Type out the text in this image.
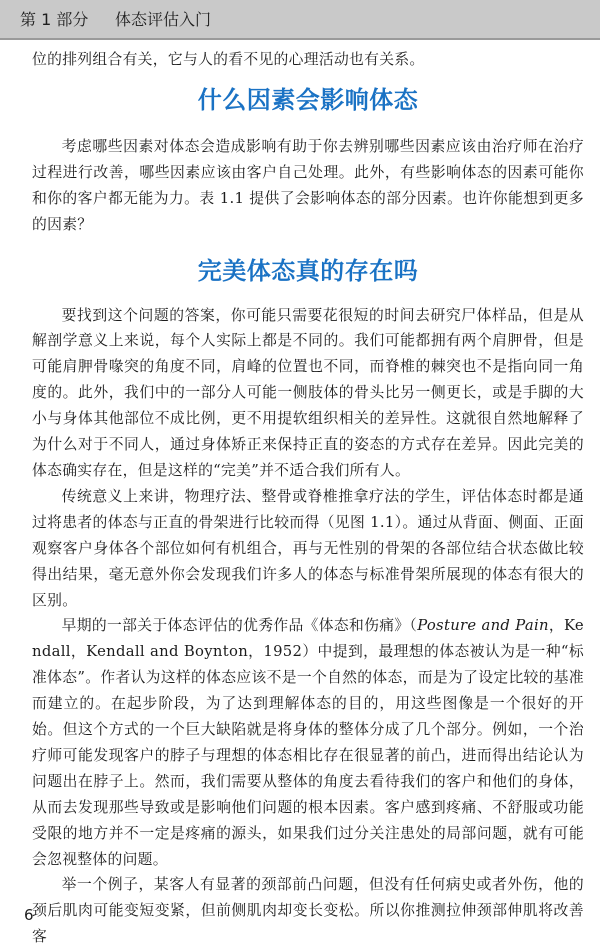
第 1 部分 体态评估入门

位的排列组合有关，它与人的看不见的心理活动也有关系。

什么因素会影响体态

考虑哪些因素对体态会造成影响有助于你去辨别哪些因素应该由治疗师在治疗过程进行改善，哪些因素应该由客户自己处理。此外，有些影响体态的因素可能你和你的客户都无能为力。表 1.1 提供了会影响体态的部分因素。也许你能想到更多的因素？

完美体态真的存在吗

要找到这个问题的答案，你可能只需要花很短的时间去研究尸体样品，但是从解剖学意义上来说，每个人实际上都是不同的。我们可能都拥有两个肩胛骨，但是可能肩胛骨喙突的角度不同，肩峰的位置也不同，而脊椎的棘突也不是指向同一角度的。此外，我们中的一部分人可能一侧肢体的骨头比另一侧更长，或是手脚的大小与身体其他部位不成比例，更不用提软组织相关的差异性。这就很自然地解释了为什么对于不同人，通过身体矫正来保持正直的姿态的方式存在差异。因此完美的体态确实存在，但是这样的“完美”并不适合我们所有人。

传统意义上来讲，物理疗法、整骨或脊椎推拿疗法的学生，评估体态时都是通过将患者的体态与正直的骨架进行比较而得（见图 1.1）。通过从背面、侧面、正面观察客户身体各个部位如何有机组合，再与无性别的骨架的各部位结合状态做比较得出结果，毫无意外你会发现我们许多人的体态与标准骨架所展现的体态有很大的区别。

早期的一部关于体态评估的优秀作品《体态和伤痛》（Posture and Pain，Kendall，Kendall and Boynton，1952）中提到，最理想的体态被认为是一种“标准体态”。作者认为这样的体态应该不是一个自然的体态，而是为了设定比较的基准而建立的。在起步阶段，为了达到理解体态的目的，用这些图像是一个很好的开始。但这个方式的一个巨大缺陷就是将身体的整体分成了几个部分。例如，一个治疗师可能发现客户的脖子与理想的体态相比存在很显著的前凸，进而得出结论认为问题出在脖子上。然而，我们需要从整体的角度去看待我们的客户和他们的身体，从而去发现那些导致或是影响他们问题的根本因素。客户感到疼痛、不舒服或功能受限的地方并不一定是疼痛的源头，如果我们过分关注患处的局部问题，就有可能会忽视整体的问题。

举一个例子，某客人有显著的颈部前凸问题，但没有任何病史或者外伤，他的颈后肌肉可能变短变紧，但前侧肌肉却变长变松。所以你推测拉伸颈部伸肌将改善客

6
